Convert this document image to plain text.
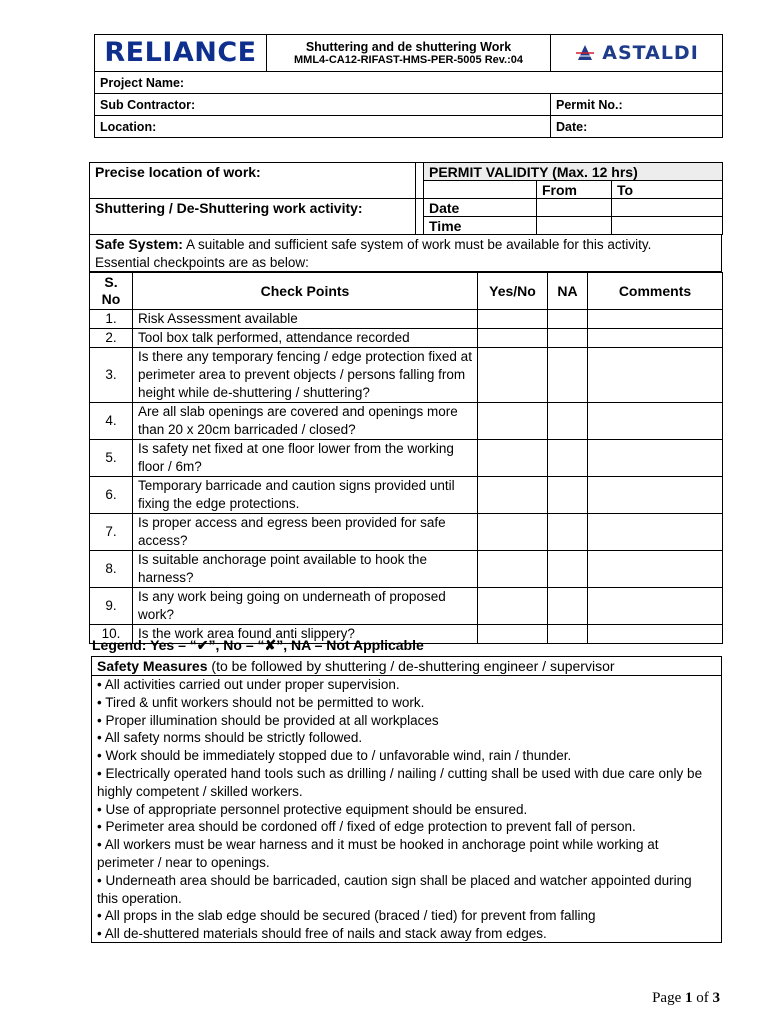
RELIANCE	Shuttering and de shuttering Work
MML4-CA12-RIFAST-HMS-PER-5005 Rev.:04	ASTALDI

Project Name:		
Sub Contractor:		Permit No.:
Location:		Date:
Precise location of work:		PERMIT VALIDITY (Max. 12 hrs)		
			From	To
Shuttering / De-Shuttering work activity:		Date		
		Time		
Safe System: A suitable and sufficient safe system of work must be available for this activity.
Essential checkpoints are as below:
S. No	Check Points	Yes/No	NA	Comments
1.	Risk Assessment available			
2.	Tool box talk performed, attendance recorded			
3.	Is there any temporary fencing / edge protection fixed at perimeter area to prevent objects / persons falling from height while de-shuttering / shuttering?			
4.	Are all slab openings are covered and openings more than 20 x 20cm barricaded / closed?			
5.	Is safety net fixed at one floor lower from the working floor / 6m?			
6.	Temporary barricade and caution signs provided until fixing the edge protections.			
7.	Is proper access and egress been provided for safe access?			
8.	Is suitable anchorage point available to hook the harness?			
9.	Is any work being going on underneath of proposed work?			
10.	Is the work area found anti slippery?			
Legend: Yes – “✔”, No – “✘”, NA – Not Applicable
Safety Measures (to be followed by shuttering / de-shuttering engineer / supervisor
• All activities carried out under proper supervision.
• Tired & unfit workers should not be permitted to work.
• Proper illumination should be provided at all workplaces
• All safety norms should be strictly followed.
• Work should be immediately stopped due to / unfavorable wind, rain / thunder.
• Electrically operated hand tools such as drilling / nailing / cutting shall be used with due care only be highly competent / skilled workers.
• Use of appropriate personnel protective equipment should be ensured.
• Perimeter area should be cordoned off / fixed of edge protection to prevent fall of person.
• All workers must be wear harness and it must be hooked in anchorage point while working at perimeter / near to openings.
• Underneath area should be barricaded, caution sign shall be placed and watcher appointed during this operation.
• All props in the slab edge should be secured (braced / tied) for prevent from falling
• All de-shuttered materials should free of nails and stack away from edges.
Page 1 of 3
